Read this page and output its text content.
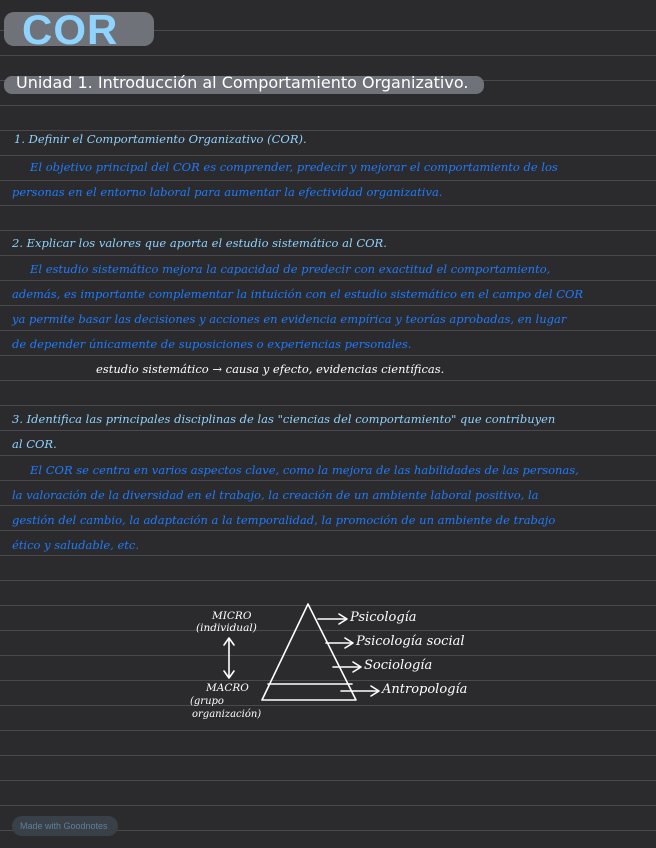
COR
Unidad 1. Introducción al Comportamiento Organizativo.
1. Definir el Comportamiento Organizativo (COR).
El objetivo principal del COR es comprender, predecir y mejorar el comportamiento de los
personas en el entorno laboral para aumentar la efectividad organizativa.
2. Explicar los valores que aporta el estudio sistemático al COR.
El estudio sistemático mejora la capacidad de predecir con exactitud el comportamiento,
además, es importante complementar la intuición con el estudio sistemático en el campo del COR
ya permite basar las decisiones y acciones en evidencia empírica y teorías aprobadas, en lugar
de depender únicamente de suposiciones o experiencias personales.
estudio sistemático → causa y efecto, evidencias científicas.
3. Identifica las principales disciplinas de las "ciencias del comportamiento" que contribuyen
al COR.
El COR se centra en varios aspectos clave, como la mejora de las habilidades de las personas,
la valoración de la diversidad en el trabajo, la creación de un ambiente laboral positivo, la
gestión del cambio, la adaptación a la temporalidad, la promoción de un ambiente de trabajo
ético y saludable, etc.
MICRO
(individual)
MACRO
(grupo
organización)
Psicología
Psicología social
Sociología
Antropología
Made with Goodnotes
